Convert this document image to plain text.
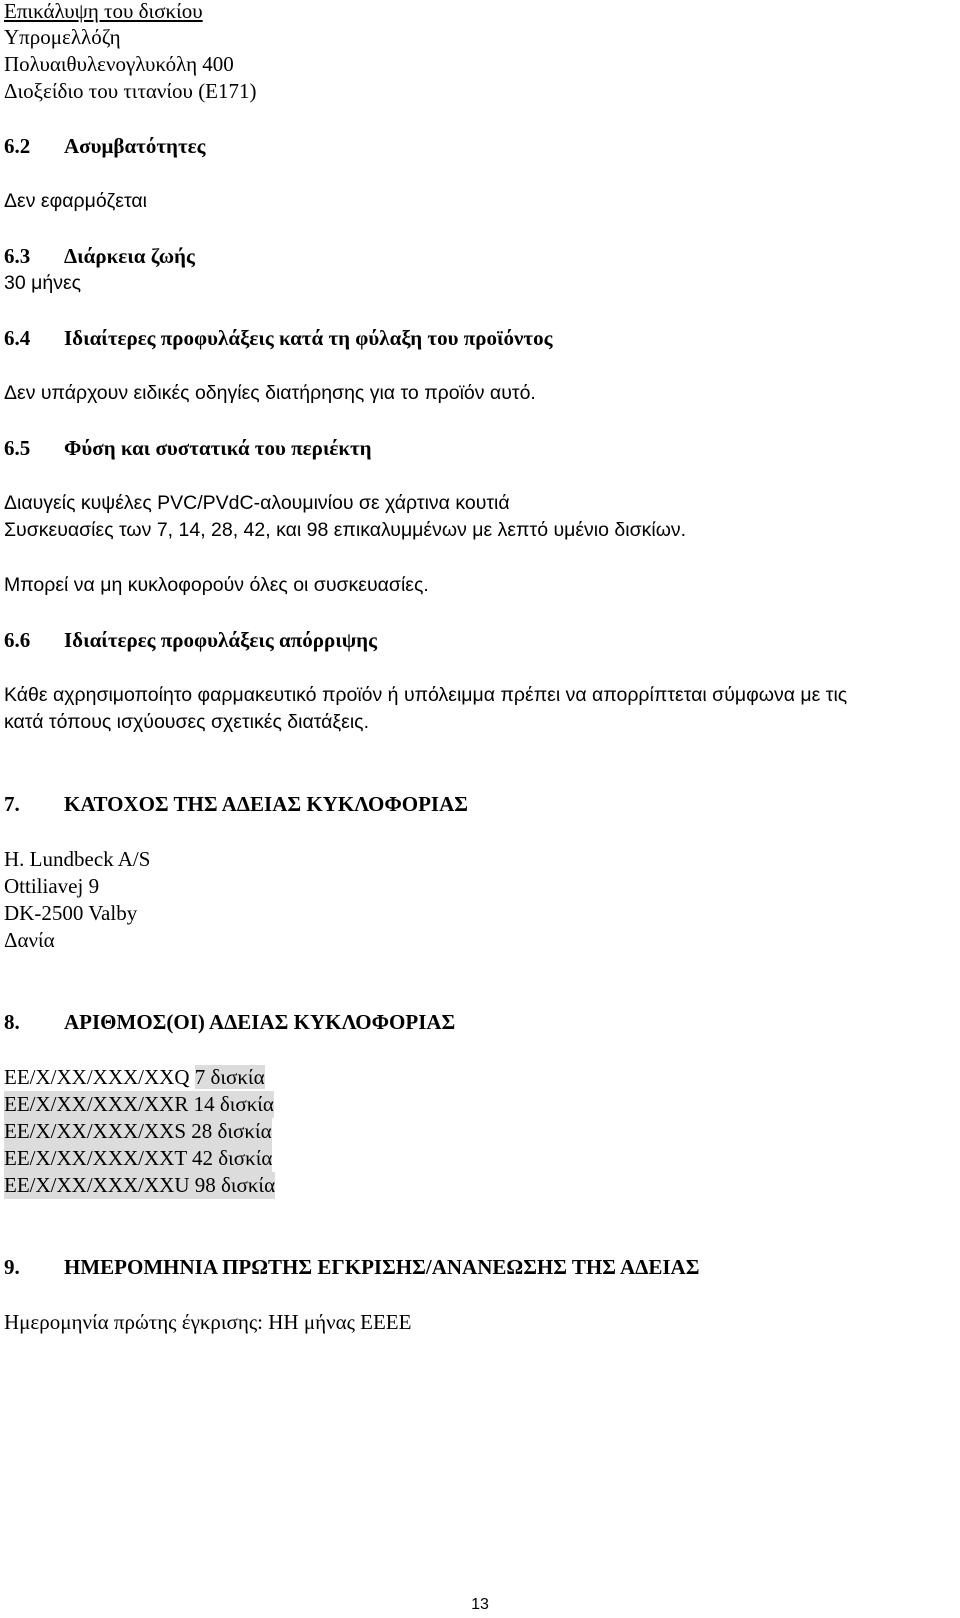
Επικάλυψη του δισκίου

Υπρομελλόζη

Πολυαιθυλενογλυκόλη 400

Διοξείδιο του τιτανίου (E171)

6.2 Ασυμβατότητες

Δεν εφαρμόζεται

6.3 Διάρκεια ζωής

30 μήνες

6.4 Ιδιαίτερες προφυλάξεις κατά τη φύλαξη του προϊόντος

Δεν υπάρχουν ειδικές οδηγίες διατήρησης για το προϊόν αυτό.

6.5 Φύση και συστατικά του περιέκτη

Διαυγείς κυψέλες PVC/PVdC-αλουμινίου σε χάρτινα κουτιά

Συσκευασίες των 7, 14, 28, 42, και 98 επικαλυμμένων με λεπτό υμένιο δισκίων.

Μπορεί να μη κυκλοφορούν όλες οι συσκευασίες.

6.6 Ιδιαίτερες προφυλάξεις απόρριψης

Κάθε αχρησιμοποίητο φαρμακευτικό προϊόν ή υπόλειμμα πρέπει να απορρίπτεται σύμφωνα με τις

κατά τόπους ισχύουσες σχετικές διατάξεις.

7. ΚΑΤΟΧΟΣ ΤΗΣ ΑΔΕΙΑΣ ΚΥΚΛΟΦΟΡΙΑΣ

H. Lundbeck A/S

Ottiliavej 9

DK-2500 Valby

Δανία

8. ΑΡΙΘΜΟΣ(ΟΙ) ΑΔΕΙΑΣ ΚΥΚΛΟΦΟΡΙΑΣ

EE/X/XX/XXX/XXQ 7 δισκία

EE/X/XX/XXX/XXR 14 δισκία

EE/X/XX/XXX/XXS 28 δισκία

EE/X/XX/XXX/XXT 42 δισκία

EE/X/XX/XXX/XXU 98 δισκία

9. ΗΜΕΡΟΜΗΝΙΑ ΠΡΩΤΗΣ ΕΓΚΡΙΣΗΣ/ΑΝΑΝΕΩΣΗΣ ΤΗΣ ΑΔΕΙΑΣ

Ημερομηνία πρώτης έγκρισης: ΗΗ μήνας ΕΕΕΕ

13
